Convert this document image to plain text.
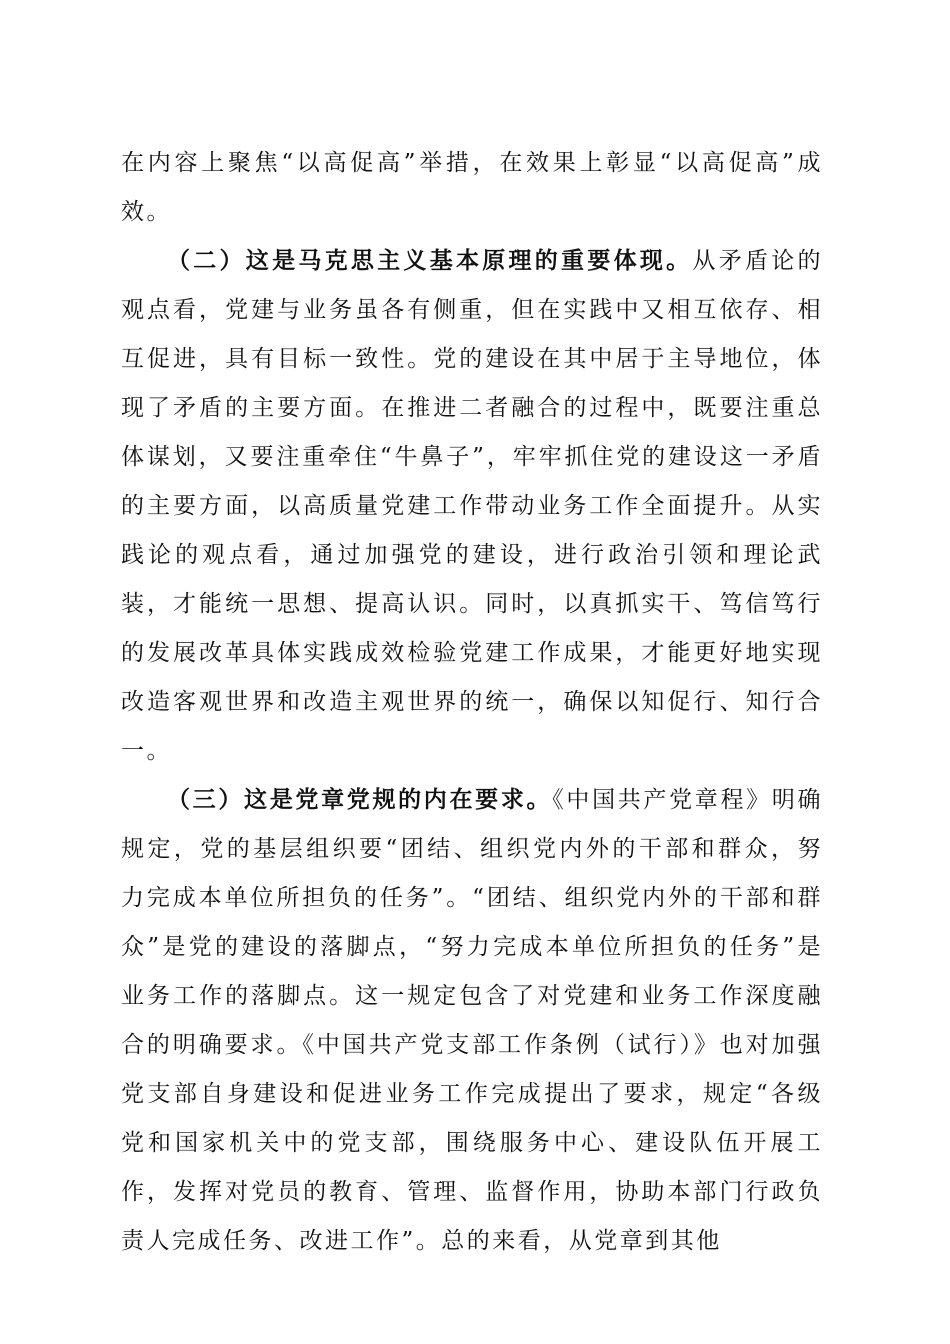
在内容上聚焦“以高促高”举措，在效果上彰显“以高促高”成效。

（二）这是马克思主义基本原理的重要体现。从矛盾论的观点看，党建与业务虽各有侧重，但在实践中又相互依存、相互促进，具有目标一致性。党的建设在其中居于主导地位，体现了矛盾的主要方面。在推进二者融合的过程中，既要注重总体谋划，又要注重牵住“牛鼻子”，牢牢抓住党的建设这一矛盾的主要方面，以高质量党建工作带动业务工作全面提升。从实践论的观点看，通过加强党的建设，进行政治引领和理论武装，才能统一思想、提高认识。同时，以真抓实干、笃信笃行的发展改革具体实践成效检验党建工作成果，才能更好地实现改造客观世界和改造主观世界的统一，确保以知促行、知行合一。

（三）这是党章党规的内在要求。《中国共产党章程》明确规定，党的基层组织要“团结、组织党内外的干部和群众，努力完成本单位所担负的任务”。“团结、组织党内外的干部和群众”是党的建设的落脚点，“努力完成本单位所担负的任务”是业务工作的落脚点。这一规定包含了对党建和业务工作深度融合的明确要求。《中国共产党支部工作条例（试行）》也对加强党支部自身建设和促进业务工作完成提出了要求，规定“各级党和国家机关中的党支部，围绕服务中心、建设队伍开展工作，发挥对党员的教育、管理、监督作用，协助本部门行政负责人完成任务、改进工作”。总的来看，从党章到其他
